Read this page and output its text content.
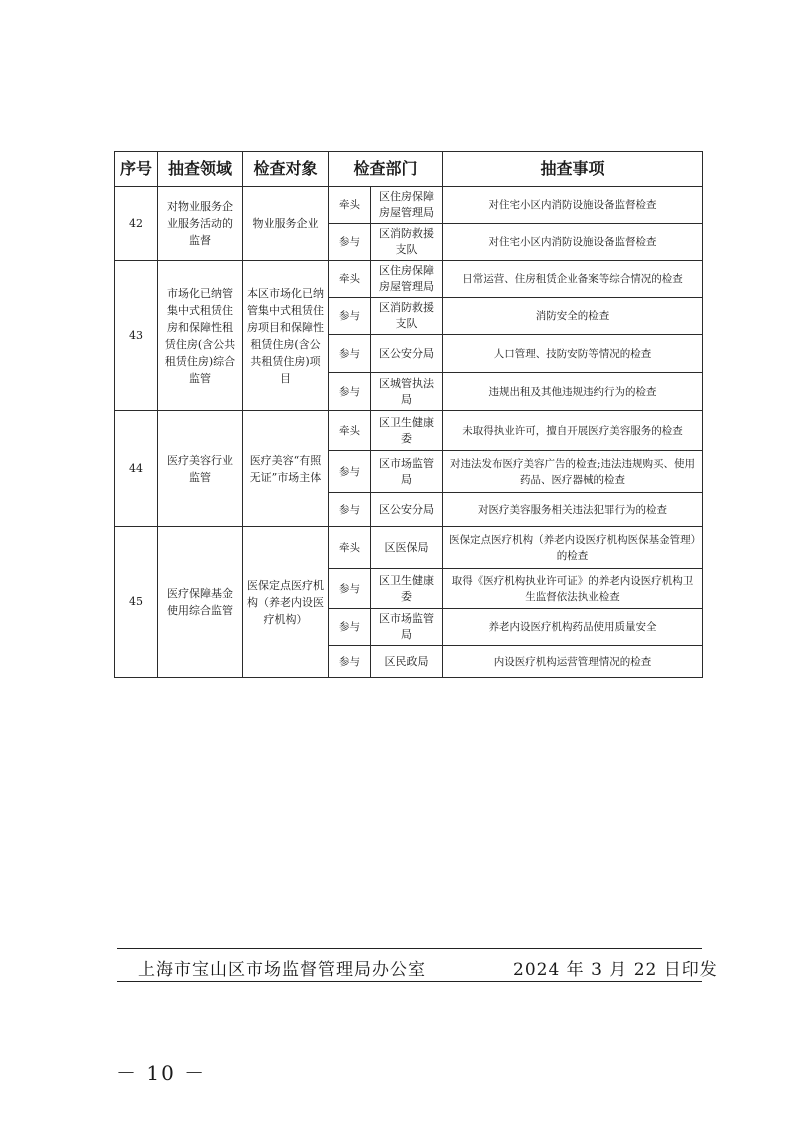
序号	抽查领域	检查对象	检查部门		抽查事项
42	对物业服务企业服务活动的监督	物业服务企业	牵头	区住房保障房屋管理局	对住宅小区内消防设施设备监督检查
			参与	区消防救援支队	对住宅小区内消防设施设备监督检查
43	市场化已纳管集中式租赁住房和保障性租赁住房(含公共租赁住房)综合监管	本区市场化已纳管集中式租赁住房项目和保障性租赁住房(含公共租赁住房)项目	牵头	区住房保障房屋管理局	日常运营、住房租赁企业备案等综合情况的检查
			参与	区消防救援支队	消防安全的检查
			参与	区公安分局	人口管理、技防安防等情况的检查
			参与	区城管执法局	违规出租及其他违规违约行为的检查
44	医疗美容行业监管	医疗美容“有照无证”市场主体	牵头	区卫生健康委	未取得执业许可，擅自开展医疗美容服务的检查
			参与	区市场监管局	对违法发布医疗美容广告的检查;违法违规购买、使用药品、医疗器械的检查
			参与	区公安分局	对医疗美容服务相关违法犯罪行为的检查
45	医疗保障基金使用综合监管	医保定点医疗机构（养老内设医疗机构）	牵头	区医保局	医保定点医疗机构（养老内设医疗机构医保基金管理）的检查
			参与	区卫生健康委	取得《医疗机构执业许可证》的养老内设医疗机构卫生监督依法执业检查
			参与	区市场监管局	养老内设医疗机构药品使用质量安全
			参与	区民政局	内设医疗机构运营管理情况的检查
上海市宝山区市场监督管理局办公室	2024 年 3 月 22 日印发
－ 10 －
